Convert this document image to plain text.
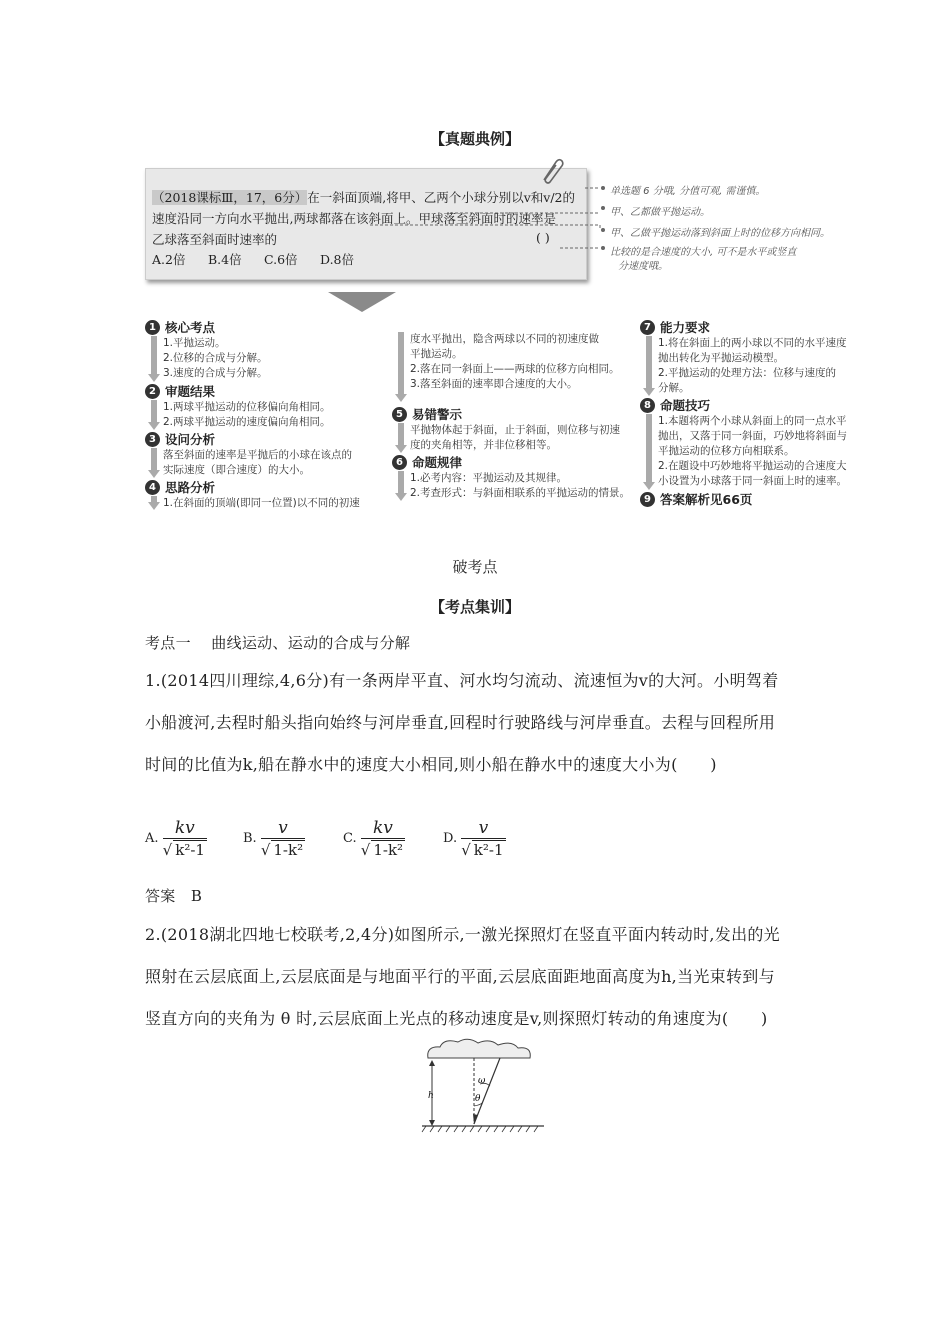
【真题典例】
（2018课标Ⅲ，17，6分）在一斜面顶端,将甲、乙两个小球分别以v和v/2的
速度沿同一方向水平抛出,两球都落在该斜面上。甲球落至斜面时的速率是
乙球落至斜面时速率的	( )
A.2倍 B.4倍 C.6倍 D.8倍
单选题 6 分哦, 分值可观, 需谨慎。
甲、乙都做平抛运动。
甲、乙做平抛运动落到斜面上时的位移方向相同。
比较的是合速度的大小, 可不是水平或竖直
分速度哦。
1 核心考点
1.平抛运动。
2.位移的合成与分解。
3.速度的合成与分解。
2 审题结果
1.两球平抛运动的位移偏向角相同。
2.两球平抛运动的速度偏向角相同。
3 设问分析
落至斜面的速率是平抛后的小球在该点的
实际速度（即合速度）的大小。
4 思路分析
1.在斜面的顶端(即同一位置)以不同的初速
度水平抛出，隐含两球以不同的初速度做
平抛运动。
2.落在同一斜面上——两球的位移方向相同。
3.落至斜面的速率即合速度的大小。
5 易错警示
平抛物体起于斜面，止于斜面，则位移与初速
度的夹角相等，并非位移相等。
6 命题规律
1.必考内容：平抛运动及其规律。
2.考查形式：与斜面相联系的平抛运动的情景。
7 能力要求
1.将在斜面上的两小球以不同的水平速度
抛出转化为平抛运动模型。
2.平抛运动的处理方法：位移与速度的
分解。
8 命题技巧
1.本题将两个小球从斜面上的同一点水平
抛出，又落于同一斜面，巧妙地将斜面与
平抛运动的位移方向相联系。
2.在题设中巧妙地将平抛运动的合速度大
小设置为小球落于同一斜面上时的速率。
9 答案解析见66页
破考点
【考点集训】
考点一　 曲线运动、运动的合成与分解
1.(2014四川理综,4,6分)有一条两岸平直、河水均匀流动、流速恒为v的大河。小明驾着
小船渡河,去程时船头指向始终与河岸垂直,回程时行驶路线与河岸垂直。去程与回程所用
时间的比值为k,船在静水中的速度大小相同,则小船在静水中的速度大小为(　　)
A. $\frac{kv}{\text{√ k²-1}}$	B. $\frac{v}{\text{√ 1-k²}}$	C. $\frac{kv}{\text{√ 1-k²}}$	D. $\frac{v}{\text{√ k²-1}}$
答案　B
2.(2018湖北四地七校联考,2,4分)如图所示,一激光探照灯在竖直平面内转动时,发出的光
照射在云层底面上,云层底面是与地面平行的平面,云层底面距地面高度为h,当光束转到与
竖直方向的夹角为 θ 时,云层底面上光点的移动速度是v,则探照灯转动的角速度为(　　)
h
ω
θ
